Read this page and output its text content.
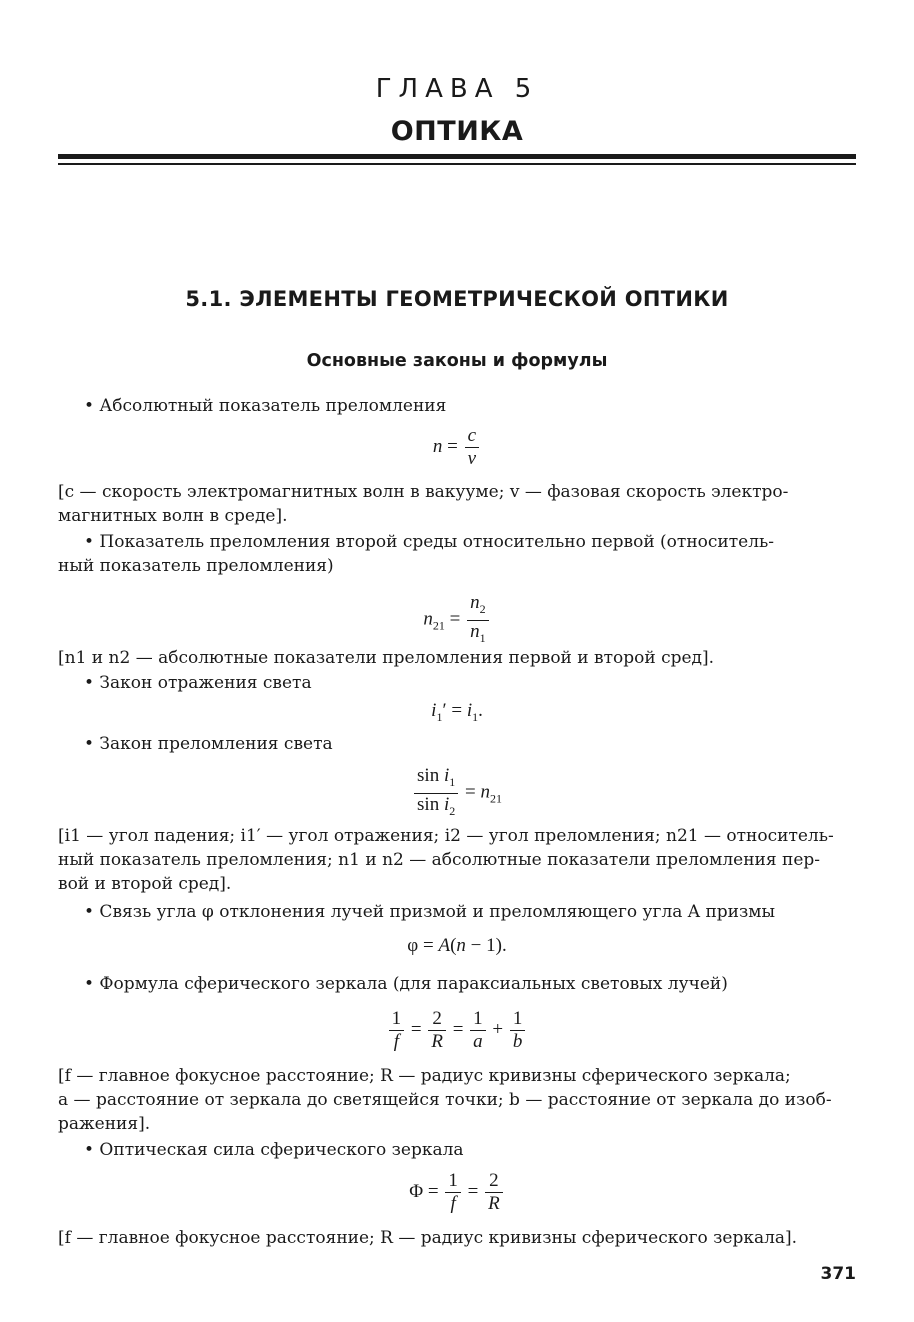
ГЛАВА 5
ОПТИКА
5.1. ЭЛЕМЕНТЫ ГЕОМЕТРИЧЕСКОЙ ОПТИКИ
Основные законы и формулы
• Абсолютный показатель преломления
$n = \frac{c}{v}$
[c — скорость электромагнитных волн в вакууме; v — фазовая скорость электро-
магнитных волн в среде].
• Показатель преломления второй среды относительно первой (относитель-
ный показатель преломления)
$n_{21} = \frac{n_2}{n_1}$
[n1 и n2 — абсолютные показатели преломления первой и второй сред].
• Закон отражения света
$i_1' = i_1$.
• Закон преломления света
$\frac{\sin i_1}{\sin i_2} = n_{21}$
[i1 — угол падения; i1′ — угол отражения; i2 — угол преломления; n21 — относитель-
ный показатель преломления; n1 и n2 — абсолютные показатели преломления пер-
вой и второй сред].
• Связь угла φ отклонения лучей призмой и преломляющего угла A призмы
φ = A(n − 1).
• Формула сферического зеркала (для параксиальных световых лучей)
$\frac{1}{f} = \frac{2}{R} = \frac{1}{a} + \frac{1}{b}$
[f — главное фокусное расстояние; R — радиус кривизны сферического зеркала;
a — расстояние от зеркала до светящейся точки; b — расстояние от зеркала до изоб-
ражения].
• Оптическая сила сферического зеркала
$\Phi = \frac{1}{f} = \frac{2}{R}$
[f — главное фокусное расстояние; R — радиус кривизны сферического зеркала].
371
